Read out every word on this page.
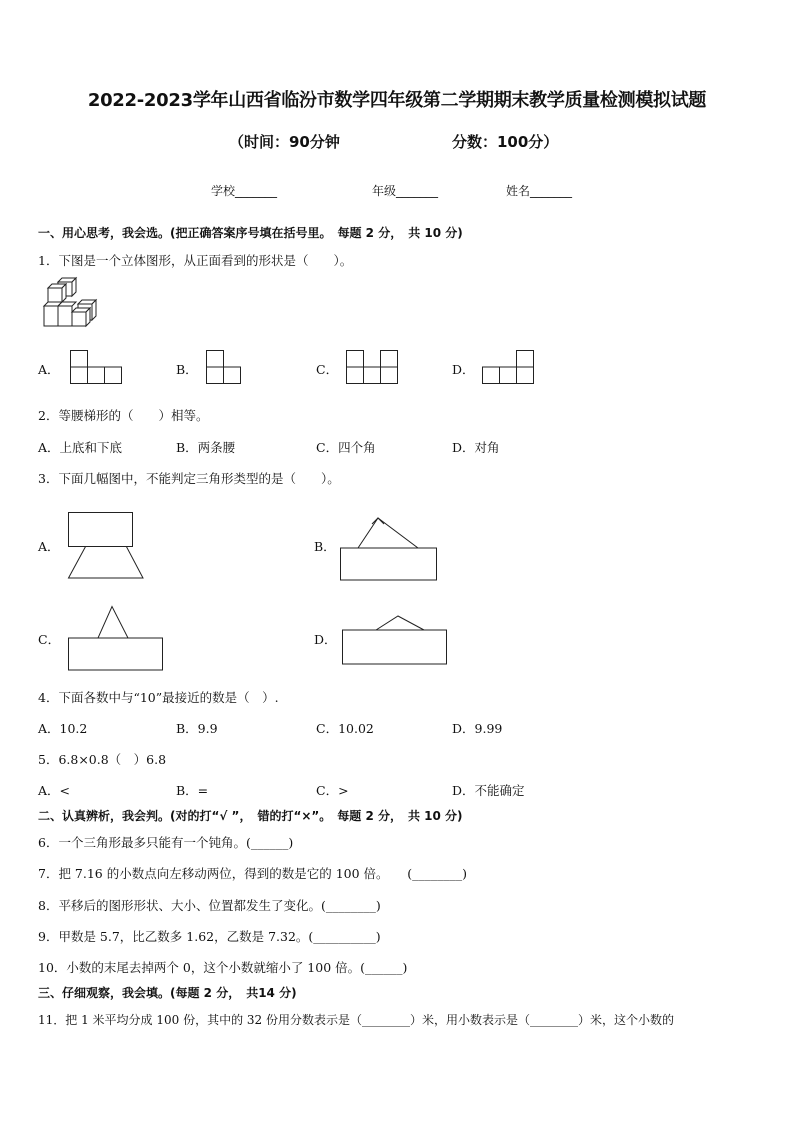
2022-2023学年山西省临汾市数学四年级第二学期期末教学质量检测模拟试题
（时间：90分钟	分数：100分）
学校_______	年级_______	姓名_______
一、用心思考，我会选。(把正确答案序号填在括号里。　每题 2 分，　共 10 分)
1．下图是一个立体图形，从正面看到的形状是（　　）。
A．	B．	C．	D．
2．等腰梯形的（　　）相等。
A．上底和下底	B．两条腰	C．四个角	D．对角
3．下面几幅图中，不能判定三角形类型的是（　　）。
A．	B．
C．	D．
4．下面各数中与“10”最接近的数是（　）.
A．10.2	B．9.9	C．10.02	D．9.99
5．6.8×0.8（　）6.8
A．<	B．=	C．>	D．不能确定
二、认真辨析，我会判。(对的打“√ ”，　错的打“×”。　每题 2 分，　共 10 分)
6．一个三角形最多只能有一个钝角。(______)
7．把 7.16 的小数点向左移动两位，得到的数是它的 100 倍。　　(________)
8．平移后的图形形状、大小、位置都发生了变化。(________)
9．甲数是 5.7，比乙数多 1.62，乙数是 7.32。(__________)
10．小数的末尾去掉两个 0，这个小数就缩小了 100 倍。(______)
三、仔细观察，我会填。(每题 2 分，　共14 分)
11．把 1 米平均分成 100 份，其中的 32 份用分数表示是（________）米，用小数表示是（________）米，这个小数的
